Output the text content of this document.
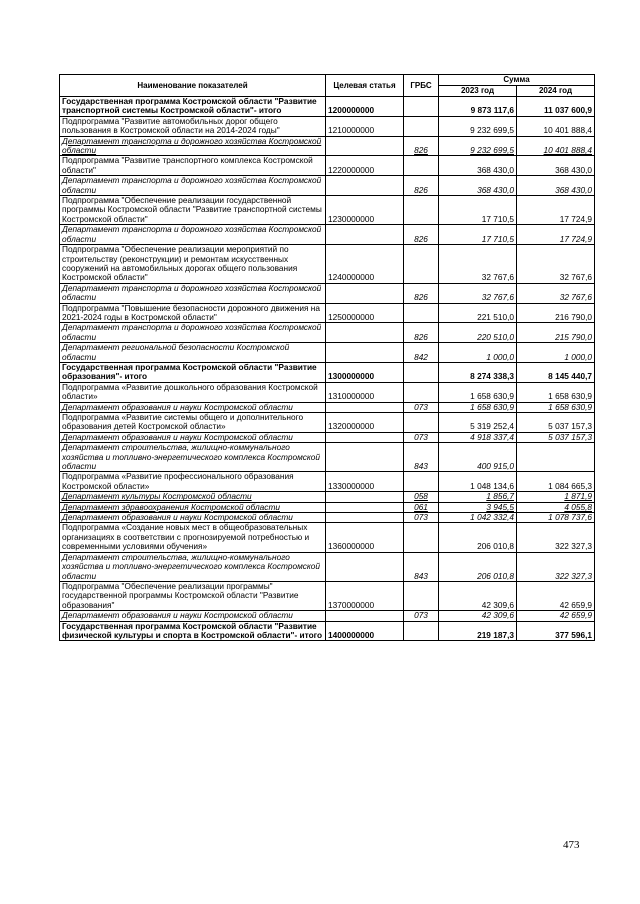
Наименование показателей	Целевая статья	ГРБС	Сумма	
			2023 год	2024 год
Государственная программа Костромской области "Развитие транспортной системы Костромской области"- итого	1200000000		9 873 117,6	11 037 600,9
Подпрограмма "Развитие автомобильных дорог общего пользования в Костромской области на 2014-2024 годы"	1210000000		9 232 699,5	10 401 888,4
Департамент транспорта и дорожного хозяйства Костромской области		826	9 232 699,5	10 401 888,4
Подпрограмма "Развитие транспортного комплекса Костромской области"	1220000000		368 430,0	368 430,0
Департамент транспорта и дорожного хозяйства Костромской области		826	368 430,0	368 430,0
Подпрограмма "Обеспечение реализации государственной программы Костромской области "Развитие транспортной системы Костромской области"	1230000000		17 710,5	17 724,9
Департамент транспорта и дорожного хозяйства Костромской области		826	17 710,5	17 724,9
Подпрограмма "Обеспечение реализации мероприятий по строительству (реконструкции) и ремонтам искусственных сооружений на автомобильных дорогах общего пользования Костромской области"	1240000000		32 767,6	32 767,6
Департамент транспорта и дорожного хозяйства Костромской области		826	32 767,6	32 767,6
Подпрограмма "Повышение безопасности дорожного движения на 2021-2024 годы в Костромской области"	1250000000		221 510,0	216 790,0
Департамент транспорта и дорожного хозяйства Костромской области		826	220 510,0	215 790,0
Департамент региональной безопасности Костромской области		842	1 000,0	1 000,0
Государственная программа Костромской области "Развитие образования"- итого	1300000000		8 274 338,3	8 145 440,7
Подпрограмма «Развитие дошкольного образования Костромской области»	1310000000		1 658 630,9	1 658 630,9
Департамент образования и науки Костромской области		073	1 658 630,9	1 658 630,9
Подпрограмма «Развитие системы общего и дополнительного образования детей Костромской области»	1320000000		5 319 252,4	5 037 157,3
Департамент образования и науки Костромской области		073	4 918 337,4	5 037 157,3
Департамент строительства, жилищно-коммунального хозяйства и топливно-энергетического комплекса Костромской области		843	400 915,0	
Подпрограмма «Развитие профессионального образования Костромской области»	1330000000		1 048 134,6	1 084 665,3
Департамент культуры Костромской области		058	1 856,7	1 871,9
Департамент здравоохранения Костромской области		061	3 945,5	4 055,8
Департамент образования и науки Костромской области		073	1 042 332,4	1 078 737,6
Подпрограмма «Создание новых мест в общеобразовательных организациях в соответствии с прогнозируемой потребностью и современными условиями обучения»	1360000000		206 010,8	322 327,3
Департамент строительства, жилищно-коммунального хозяйства и топливно-энергетического комплекса Костромской области		843	206 010,8	322 327,3
Подпрограмма "Обеспечение реализации программы" государственной программы Костромской области "Развитие образования"	1370000000		42 309,6	42 659,9
Департамент образования и науки Костромской области		073	42 309,6	42 659,9
Государственная программа Костромской области "Развитие физической культуры и спорта в Костромской области"- итого	1400000000		219 187,3	377 596,1
473
